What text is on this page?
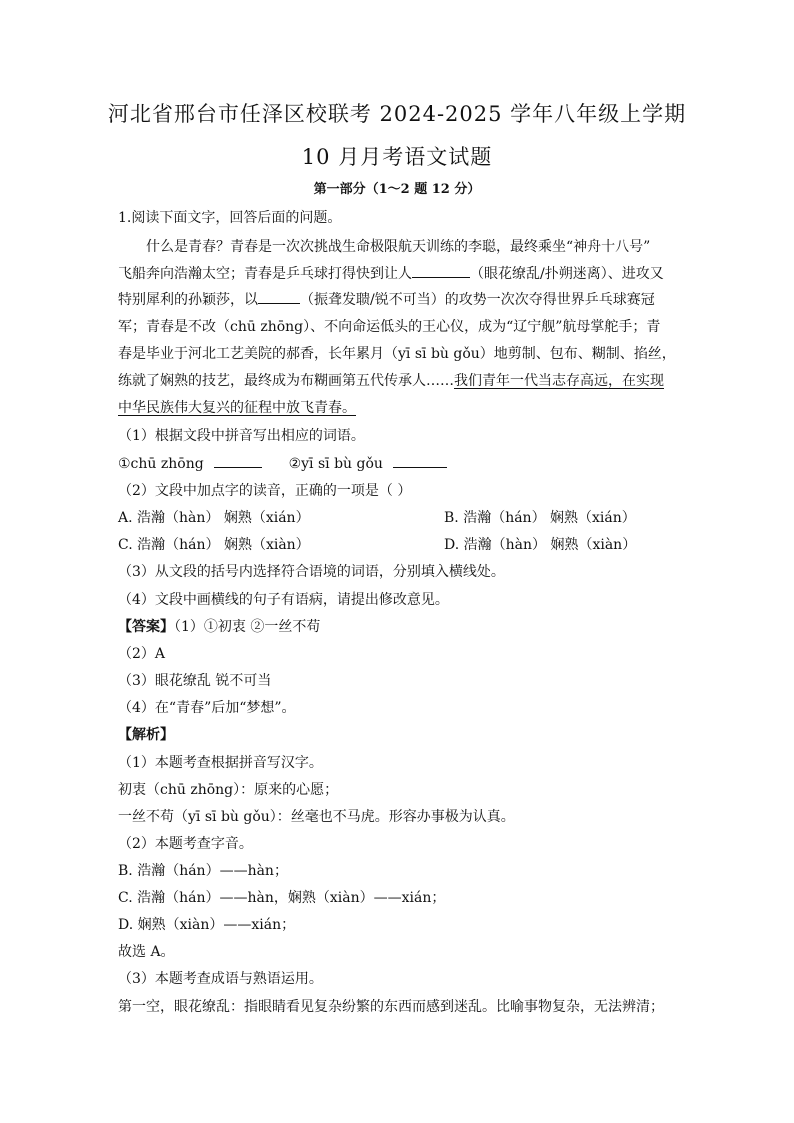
河北省邢台市任泽区校联考 2024-2025 学年八年级上学期
10 月月考语文试题
第一部分（1～2 题 12 分）
1.阅读下面文字，回答后面的问题。
什么是青春？青春是一次次挑战生命极限航天训练的李聪，最终乘坐“神舟十八号”
飞船奔向浩瀚太空；青春是乒乓球打得快到让人	（眼花缭乱/扑朔迷离）、进攻又
特别犀利的孙颖莎，以	（振聋发聩/锐不可当）的攻势一次次夺得世界乒乓球赛冠
军；青春是不改（chū zhōng）、不向命运低头的王心仪，成为“辽宁舰”航母掌舵手；青
春是毕业于河北工艺美院的郝香，长年累月（yī sī bù gǒu）地剪制、包布、糊制、掐丝，
练就了娴熟的技艺，最终成为布糊画第五代传承人……我们青年一代当志存高远，在实现
中华民族伟大复兴的征程中放飞青春。
（1）根据文段中拼音写出相应的词语。
①chū zhōng	②yī sī bù gǒu
（2）文段中加点字的读音，正确的一项是（ ）
A. 浩瀚（hàn） 娴熟（xián）	B. 浩瀚（hán） 娴熟（xián）
C. 浩瀚（hán） 娴熟（xiàn）	D. 浩瀚（hàn） 娴熟（xiàn）
（3）从文段的括号内选择符合语境的词语，分别填入横线处。
（4）文段中画横线的句子有语病，请提出修改意见。
【答案】（1）①初衷 ②一丝不苟
（2）A
（3）眼花缭乱 锐不可当
（4）在“青春”后加“梦想”。
【解析】
（1）本题考查根据拼音写汉字。
初衷（chū zhōng）：原来的心愿；
一丝不苟（yī sī bù gǒu）：丝毫也不马虎。形容办事极为认真。
（2）本题考查字音。
B. 浩瀚（hán）——hàn；
C. 浩瀚（hán）——hàn，娴熟（xiàn）——xián；
D. 娴熟（xiàn）——xián；
故选 A。
（3）本题考查成语与熟语运用。
第一空，眼花缭乱：指眼睛看见复杂纷繁的东西而感到迷乱。比喻事物复杂，无法辨清；
